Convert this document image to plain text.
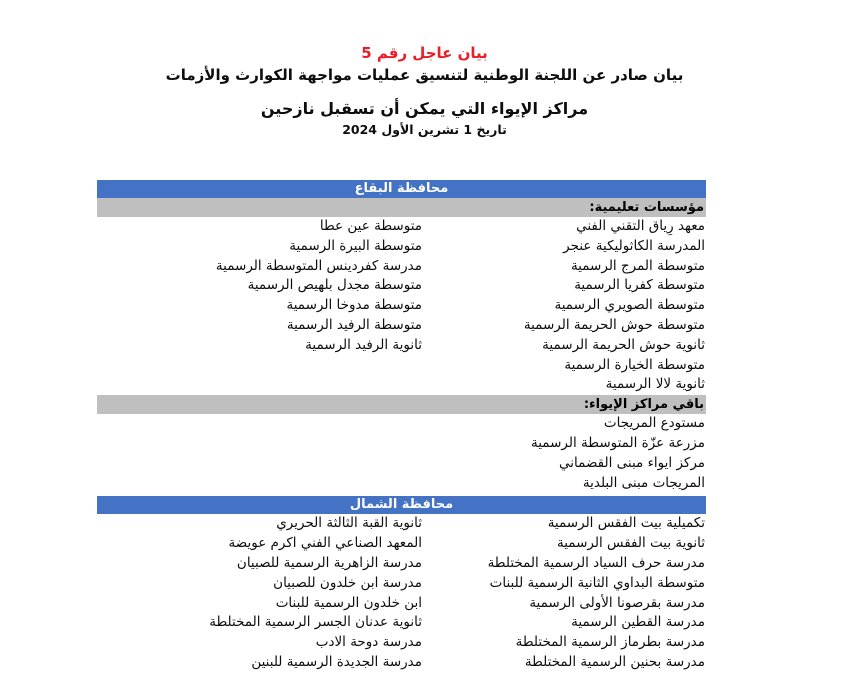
بيان عاجل رقم 5

بيان صادر عن اللجنة الوطنية لتنسيق عمليات مواجهة الكوارث والأزمات

مراكز الإيواء التي يمكن أن تسقبل نازحين

تاريخ 1 تشرين الأول 2024

محافظة البقاع
مؤسسات تعليمية:
معهد رِياق التقني الفني
متوسطة عين عطا
المدرسة الكاثوليكية عنجر
متوسطة البيرة الرسمية
متوسطة المرج الرسمية
مدرسة كفردينس المتوسطة الرسمية
متوسطة كفريا الرسمية
متوسطة مجدل بلهيص الرسمية
متوسطة الصويري الرسمية
متوسطة مدوخا الرسمية
متوسطة حوش الحريمة الرسمية
متوسطة الرفيد الرسمية
ثانوية حوش الحريمة الرسمية
ثانوية الرفيد الرسمية
متوسطة الخيارة الرسمية
ثانوية لالا الرسمية
باقي مراكز الإيواء:
مستودع المريجات
مزرعة عزّة المتوسطة الرسمية
مركز ايواء مبنى القضماني
المريجات مبنى البلدية
محافظة الشمال
تكميلية بيت الفقس الرسمية
ثانوية القبة الثالثة الحريري
ثانوية بيت الفقس الرسمية
المعهد الصناعي الفني اكرم عويضة
مدرسة حرف السياد الرسمية المختلطة
مدرسة الزاهرية الرسمية للصبيان
متوسطة البداوي الثانية الرسمية للبنات
مدرسة ابن خلدون للصبيان
مدرسة بقرصونا الأولى الرسمية
ابن خلدون الرسمية للبنات
مدرسة القطين الرسمية
ثانوية عدنان الجسر الرسمية المختلطة
مدرسة بطرماز الرسمية المختلطة
مدرسة دوحة الادب
مدرسة بحنين الرسمية المختلطة
مدرسة الجديدة الرسمية للبنين
